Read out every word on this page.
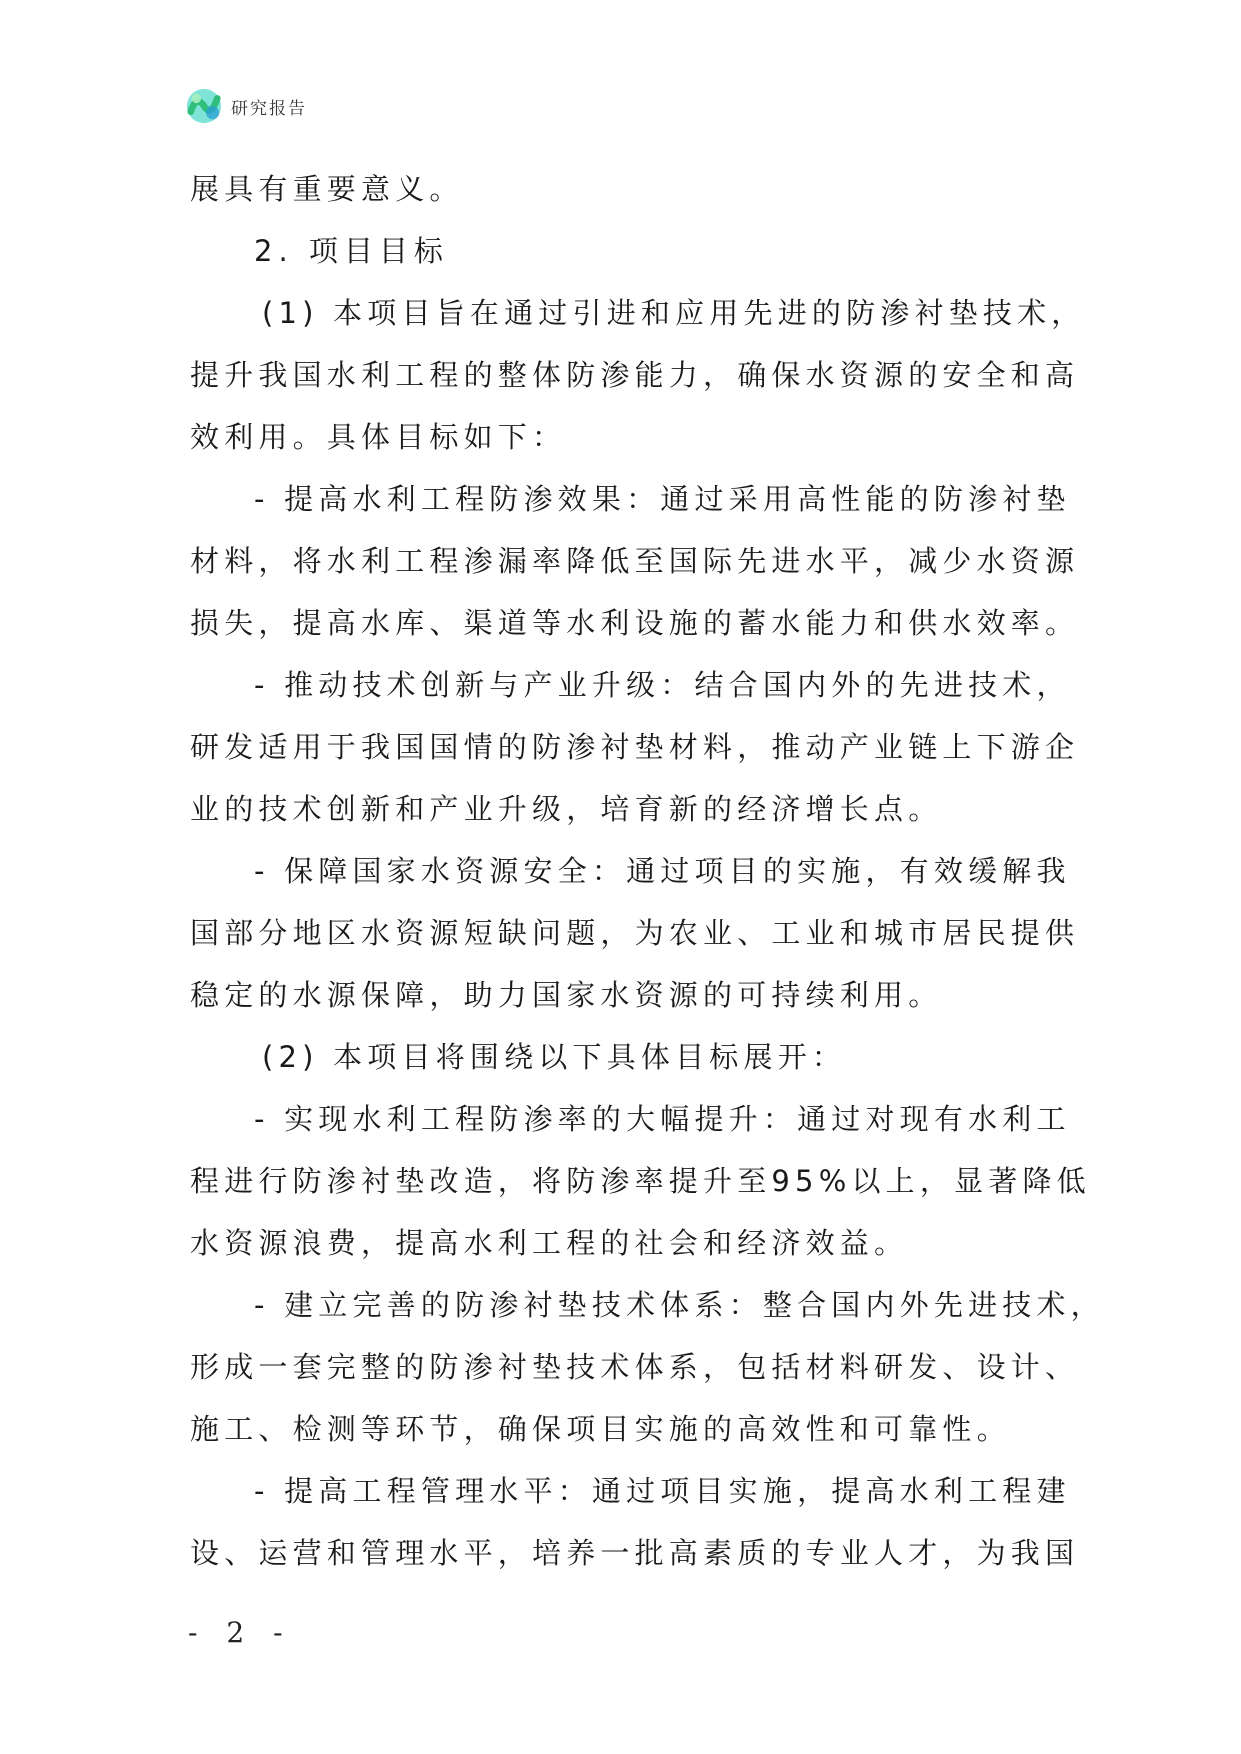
研究报告
展具有重要意义。
2. 项目目标
(1) 本项目旨在通过引进和应用先进的防渗衬垫技术，
提升我国水利工程的整体防渗能力，确保水资源的安全和高
效利用。具体目标如下：
- 提高水利工程防渗效果：通过采用高性能的防渗衬垫
材料，将水利工程渗漏率降低至国际先进水平，减少水资源
损失，提高水库、渠道等水利设施的蓄水能力和供水效率。
- 推动技术创新与产业升级：结合国内外的先进技术，
研发适用于我国国情的防渗衬垫材料，推动产业链上下游企
业的技术创新和产业升级，培育新的经济增长点。
- 保障国家水资源安全：通过项目的实施，有效缓解我
国部分地区水资源短缺问题，为农业、工业和城市居民提供
稳定的水源保障，助力国家水资源的可持续利用。
(2) 本项目将围绕以下具体目标展开：
- 实现水利工程防渗率的大幅提升：通过对现有水利工
程进行防渗衬垫改造，将防渗率提升至95%以上，显著降低
水资源浪费，提高水利工程的社会和经济效益。
- 建立完善的防渗衬垫技术体系：整合国内外先进技术，
形成一套完整的防渗衬垫技术体系，包括材料研发、设计、
施工、检测等环节，确保项目实施的高效性和可靠性。
- 提高工程管理水平：通过项目实施，提高水利工程建
设、运营和管理水平，培养一批高素质的专业人才，为我国
- 2 -
